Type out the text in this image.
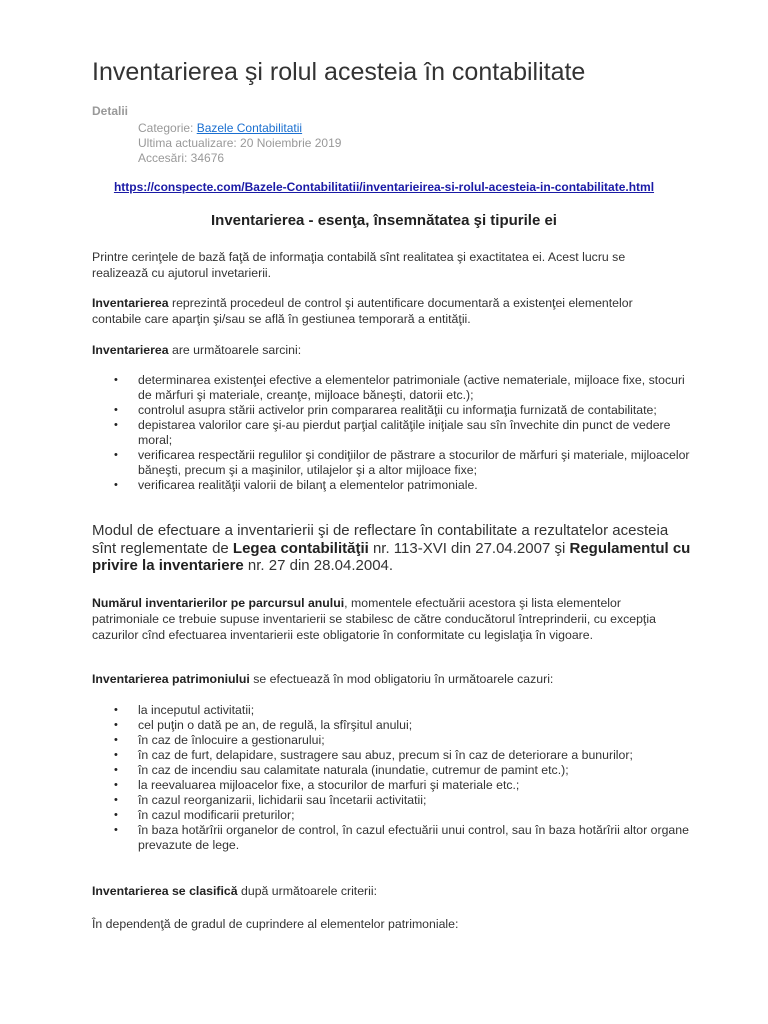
Inventarierea şi rolul acesteia în contabilitate
Detalii
Categorie: Bazele Contabilitatii
Ultima actualizare: 20 Noiembrie 2019
Accesări: 34676
https://conspecte.com/Bazele-Contabilitatii/inventarieirea-si-rolul-acesteia-in-contabilitate.html
Inventarierea - esenţa, însemnătatea şi tipurile ei
Printre cerinţele de bază faţă de informaţia contabilă sînt realitatea şi exactitatea ei. Acest lucru se realizează cu ajutorul invetarierii.
Inventarierea reprezintă procedeul de control şi autentificare documentară a existenţei elementelor contabile care aparţin şi/sau se află în gestiunea temporară a entităţii.
Inventarierea are următoarele sarcini:
• determinarea existenţei efective a elementelor patrimoniale (active nemateriale, mijloace fixe, stocuri de mărfuri şi materiale, creanţe, mijloace băneşti, datorii etc.);
• controlul asupra stării activelor prin compararea realităţii cu informaţia furnizată de contabilitate;
• depistarea valorilor care şi-au pierdut parţial calităţile iniţiale sau sîn învechite din punct de vedere moral;
• verificarea respectării regulilor şi condiţiilor de păstrare a stocurilor de mărfuri şi materiale, mijloacelor băneşti, precum şi a maşinilor, utilajelor şi a altor mijloace fixe;
• verificarea realităţii valorii de bilanţ a elementelor patrimoniale.
Modul de efectuare a inventarierii şi de reflectare în contabilitate a rezultatelor acesteia sînt reglementate de Legea contabilităţii nr. 113-XVI din 27.04.2007 şi Regulamentul cu privire la inventariere nr. 27 din 28.04.2004.
Numărul inventarierilor pe parcursul anului, momentele efectuării acestora şi lista elementelor patrimoniale ce trebuie supuse inventarierii se stabilesc de către conducătorul întreprinderii, cu excepţia cazurilor cînd efectuarea inventarierii este obligatorie în conformitate cu legislaţia în vigoare.
Inventarierea patrimoniului se efectuează în mod obligatoriu în următoarele cazuri:
• la inceputul activitatii;
• cel puţin o dată pe an, de regulă, la sfîrşitul anului;
• în caz de înlocuire a gestionarului;
• în caz de furt, delapidare, sustragere sau abuz, precum si în caz de deteriorare a bunurilor;
• în caz de incendiu sau calamitate naturala (inundatie, cutremur de pamint etc.);
• la reevaluarea mijloacelor fixe, a stocurilor de marfuri şi materiale etc.;
• în cazul reorganizarii, lichidarii sau încetarii activitatii;
• în cazul modificarii preturilor;
• în baza hotărîrii organelor de control, în cazul efectuării unui control, sau în baza hotărîrii altor organe prevazute de lege.
Inventarierea se clasifică după următoarele criterii:
În dependenţă de gradul de cuprindere al elementelor patrimoniale:
